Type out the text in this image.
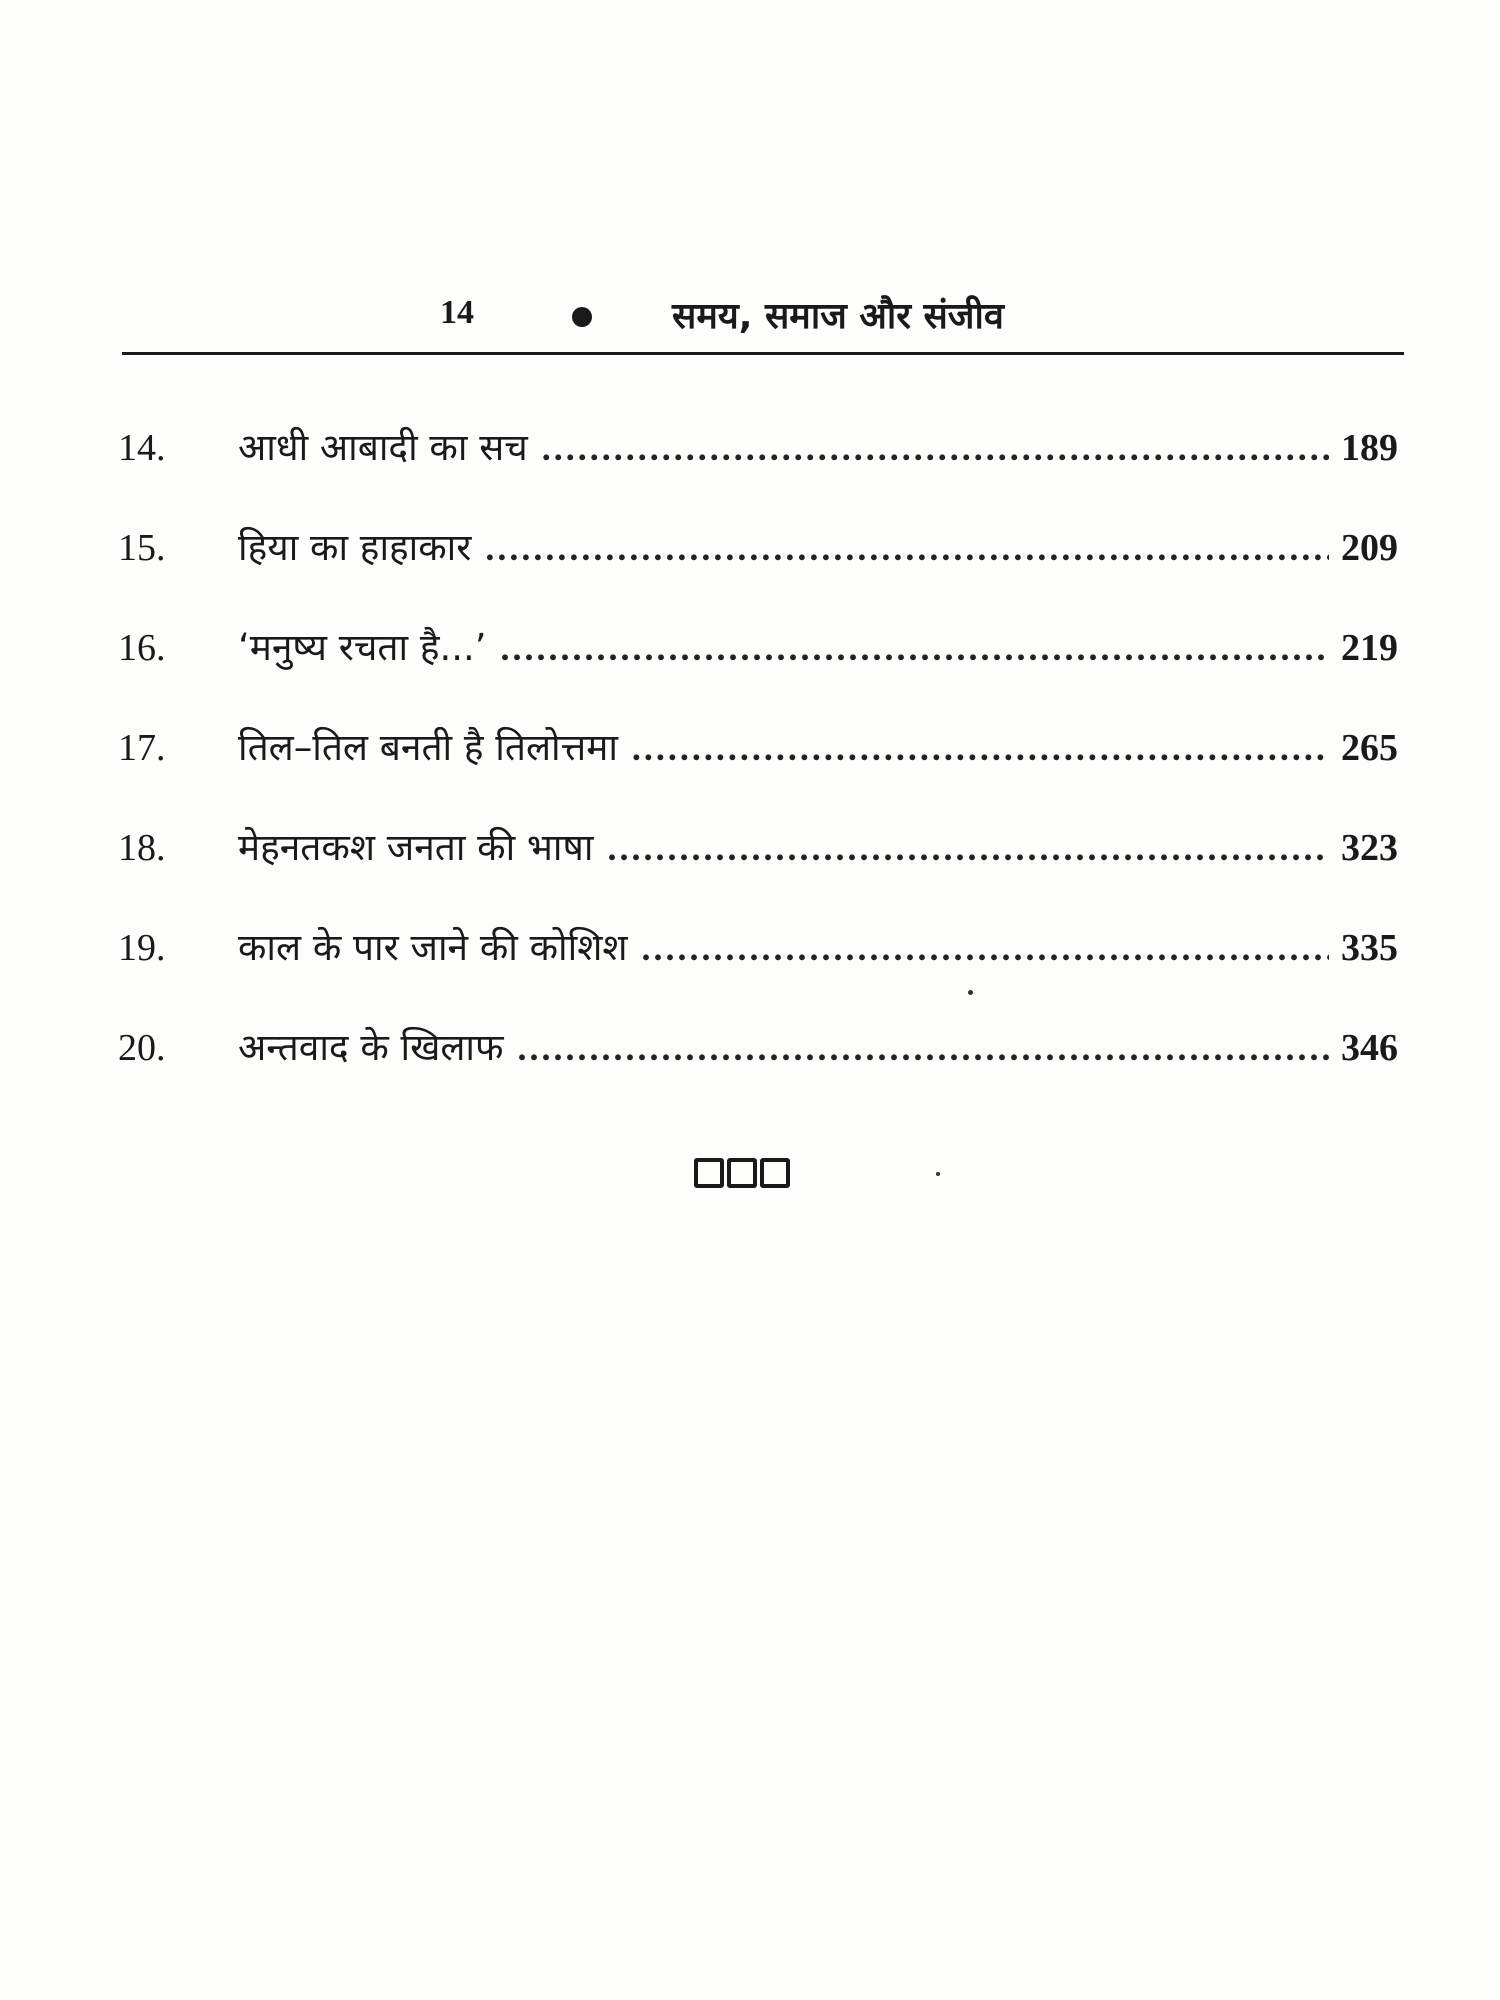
14	समय, समाज और संजीव
14.	आधी आबादी का सच .....	189
15.	हिया का हाहाकार .....	209
16.	‘मनुष्य रचता है...’ .....	219
17.	तिल–तिल बनती है तिलोत्तमा .....	265
18.	मेहनतकश जनता की भाषा .....	323
19.	काल के पार जाने की कोशिश .....	335
20.	अन्तवाद के खिलाफ .....	346
